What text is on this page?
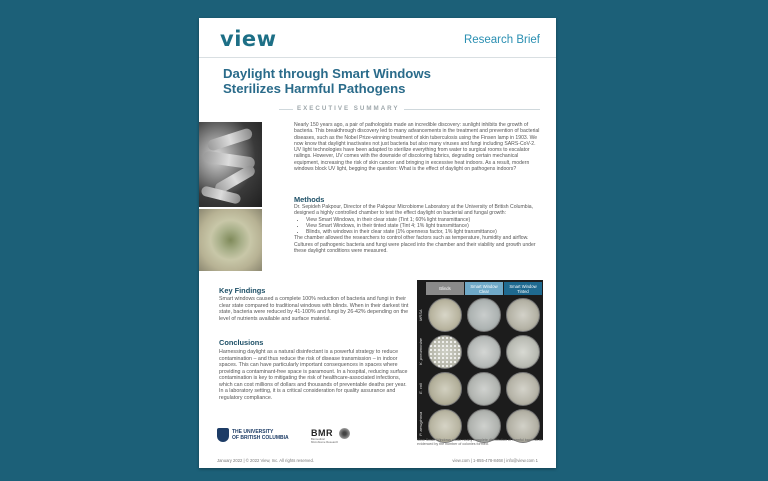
view	Research Brief
Daylight through Smart Windows
Sterilizes Harmful Pathogens
EXECUTIVE SUMMARY
Nearly 150 years ago, a pair of pathologists made an incredible discovery: sunlight inhibits the growth of bacteria. This breakthrough discovery led to many advancements in the treatment and prevention of bacterial diseases, such as the Nobel Prize-winning treatment of skin tuberculosis using the Finsen lamp in 1903. We now know that daylight inactivates not just bacteria but also many viruses and fungi including SARS-CoV-2. UV light technologies have been adapted to sterilize everything from water to surgical rooms to escalator railings. However, UV comes with the downside of discoloring fabrics, degrading certain mechanical equipment, increasing the risk of skin cancer and bringing in excessive heat indoors. As a result, modern windows block UV light, begging the question: What is the effect of daylight on pathogens indoors?
Methods

Dr. Sepideh Pakpour, Director of the Pakpour Microbiome Laboratory at the University of British Columbia, designed a highly controlled chamber to test the effect daylight on bacterial and fungal growth:

• View Smart Windows, in their clear state (Tint 1; 60% light transmittance)
• View Smart Windows, in their tinted state (Tint 4; 1% light transmittance)
• Blinds, with windows in their clear state (1% openness factor, 1% light transmittance)

The chamber allowed the researchers to control other factors such as temperature, humidity and airflow. Cultures of pathogenic bacteria and fungi were placed into the chamber and their viability and growth under these daylight conditions were measured.

Key Findings
Smart windows caused a complete 100% reduction of bacteria and fungi in their clear state compared to traditional windows with blinds. When in their darkest tint state, bacteria were reduced by 41-100% and fungi by 26-42% depending on the level of nutrients available and surface material.
Conclusions
Harnessing daylight as a natural disinfectant is a powerful strategy to reduce contamination – and thus reduce the risk of disease transmission – in indoor spaces. This can have particularly important consequences in spaces where providing a contaminant-free space is paramount. In a hospital, reducing surface contamination is key to mitigating the risk of healthcare-associated infections, which can cost millions of dollars and thousands of preventable deaths per year. In a laboratory setting, it is a critical consideration for quality assurance and regulatory compliance.
Blinds	Smart Window Clear
Smart Window Tinted
MRSA
K. pneumoniae
E. coli
P. aeruginosa
View Smart Windows cause nearly complete disinfection of harmful bacteria as evidenced by the number of colonies formed.
THE UNIVERSITY
OF BRITISH COLUMBIA BMR
Biomedical
Microbiome Research
January 2022 | © 2022 View, Inc. All rights reserved.	view.com | 1-855-478-8468 | info@view.com 1
